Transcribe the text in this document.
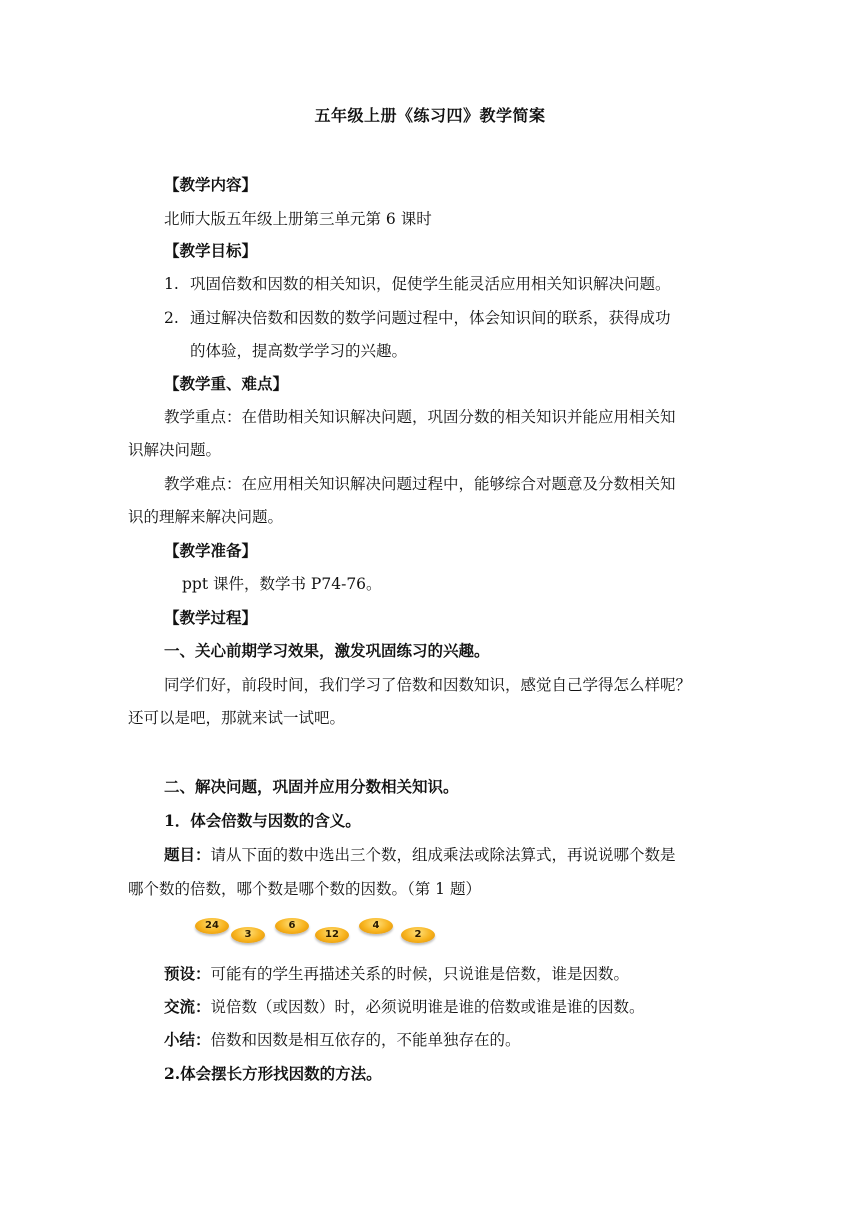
五年级上册《练习四》教学简案
【教学内容】
北师大版五年级上册第三单元第 6 课时
【教学目标】
1. 巩固倍数和因数的相关知识，促使学生能灵活应用相关知识解决问题。
2. 通过解决倍数和因数的数学问题过程中，体会知识间的联系，获得成功
的体验，提高数学学习的兴趣。
【教学重、难点】
教学重点：在借助相关知识解决问题，巩固分数的相关知识并能应用相关知
识解决问题。
教学难点：在应用相关知识解决问题过程中，能够综合对题意及分数相关知
识的理解来解决问题。
【教学准备】
ppt 课件，数学书 P74-76。
【教学过程】
一、关心前期学习效果，激发巩固练习的兴趣。
同学们好，前段时间，我们学习了倍数和因数知识，感觉自己学得怎么样呢？
还可以是吧，那就来试一试吧。
二、解决问题，巩固并应用分数相关知识。
1．体会倍数与因数的含义。
题目：请从下面的数中选出三个数，组成乘法或除法算式，再说说哪个数是
哪个数的倍数，哪个数是哪个数的因数。（第 1 题）
24
3
6
12
4
2
预设：可能有的学生再描述关系的时候，只说谁是倍数，谁是因数。
交流：说倍数（或因数）时，必须说明谁是谁的倍数或谁是谁的因数。
小结：倍数和因数是相互依存的，不能单独存在的。
2.体会摆长方形找因数的方法。
